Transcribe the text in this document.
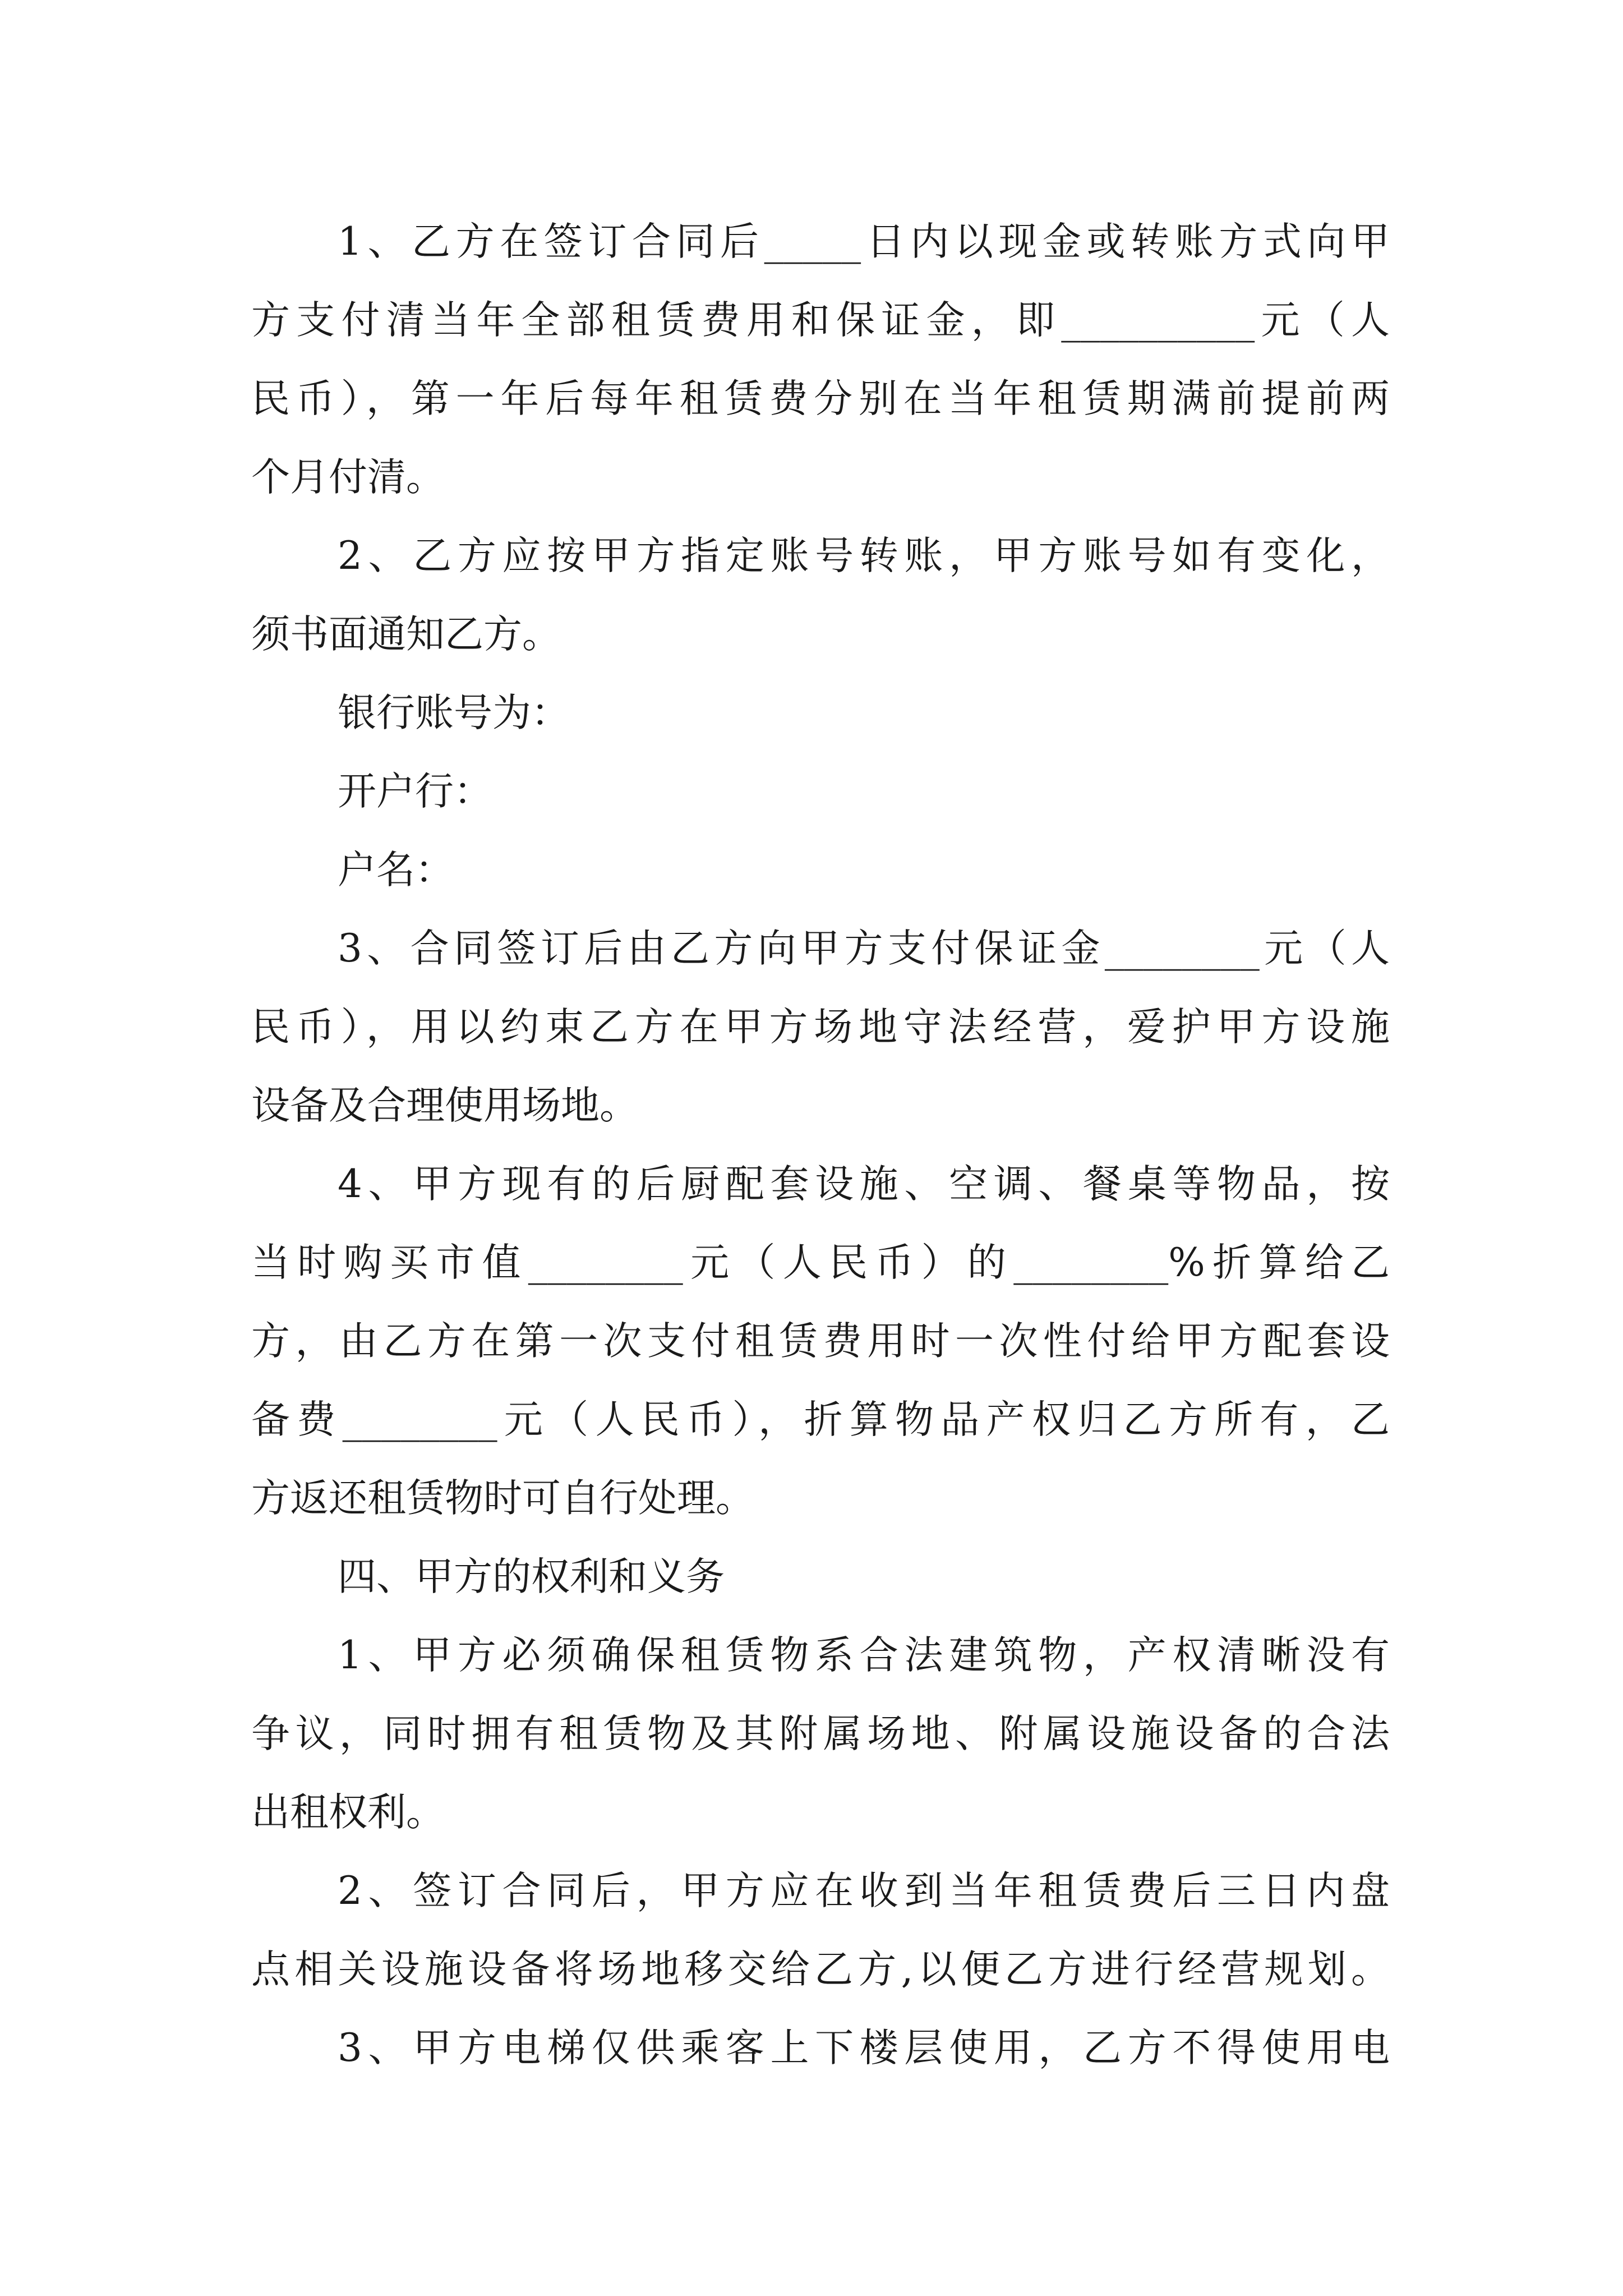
1、乙方在签订合同后_____日内以现金或转账方式向甲
方支付清当年全部租赁费用和保证金，即__________元（人
民币），第一年后每年租赁费分别在当年租赁期满前提前两
个月付清。
2、乙方应按甲方指定账号转账，甲方账号如有变化，
须书面通知乙方。
银行账号为：
开户行：
户名：
3、合同签订后由乙方向甲方支付保证金________元（人
民币），用以约束乙方在甲方场地守法经营，爱护甲方设施
设备及合理使用场地。
4、甲方现有的后厨配套设施、空调、餐桌等物品，按
当时购买市值________元（人民币）的________%折算给乙
方，由乙方在第一次支付租赁费用时一次性付给甲方配套设
备费________元（人民币），折算物品产权归乙方所有，乙
方返还租赁物时可自行处理。
四、甲方的权利和义务
1、甲方必须确保租赁物系合法建筑物，产权清晰没有
争议，同时拥有租赁物及其附属场地、附属设施设备的合法
出租权利。
2、签订合同后，甲方应在收到当年租赁费后三日内盘
点相关设施设备将场地移交给乙方,以便乙方进行经营规划。
3、甲方电梯仅供乘客上下楼层使用，乙方不得使用电
